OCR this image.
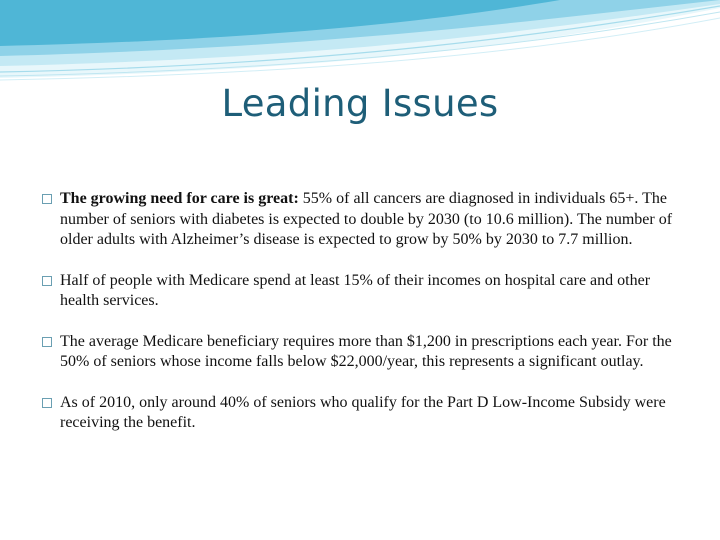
Leading Issues
The growing need for care is great: 55% of all cancers are diagnosed in individuals 65+. The number of seniors with diabetes is expected to double by 2030 (to 10.6 million). The number of older adults with Alzheimer’s disease is expected to grow by 50% by 2030 to 7.7 million.
Half of people with Medicare spend at least 15% of their incomes on hospital care and other health services.
The average Medicare beneficiary requires more than $1,200 in prescriptions each year. For the 50% of seniors whose income falls below $22,000/year, this represents a significant outlay.
As of 2010, only around 40% of seniors who qualify for the Part D Low-Income Subsidy were receiving the benefit.
